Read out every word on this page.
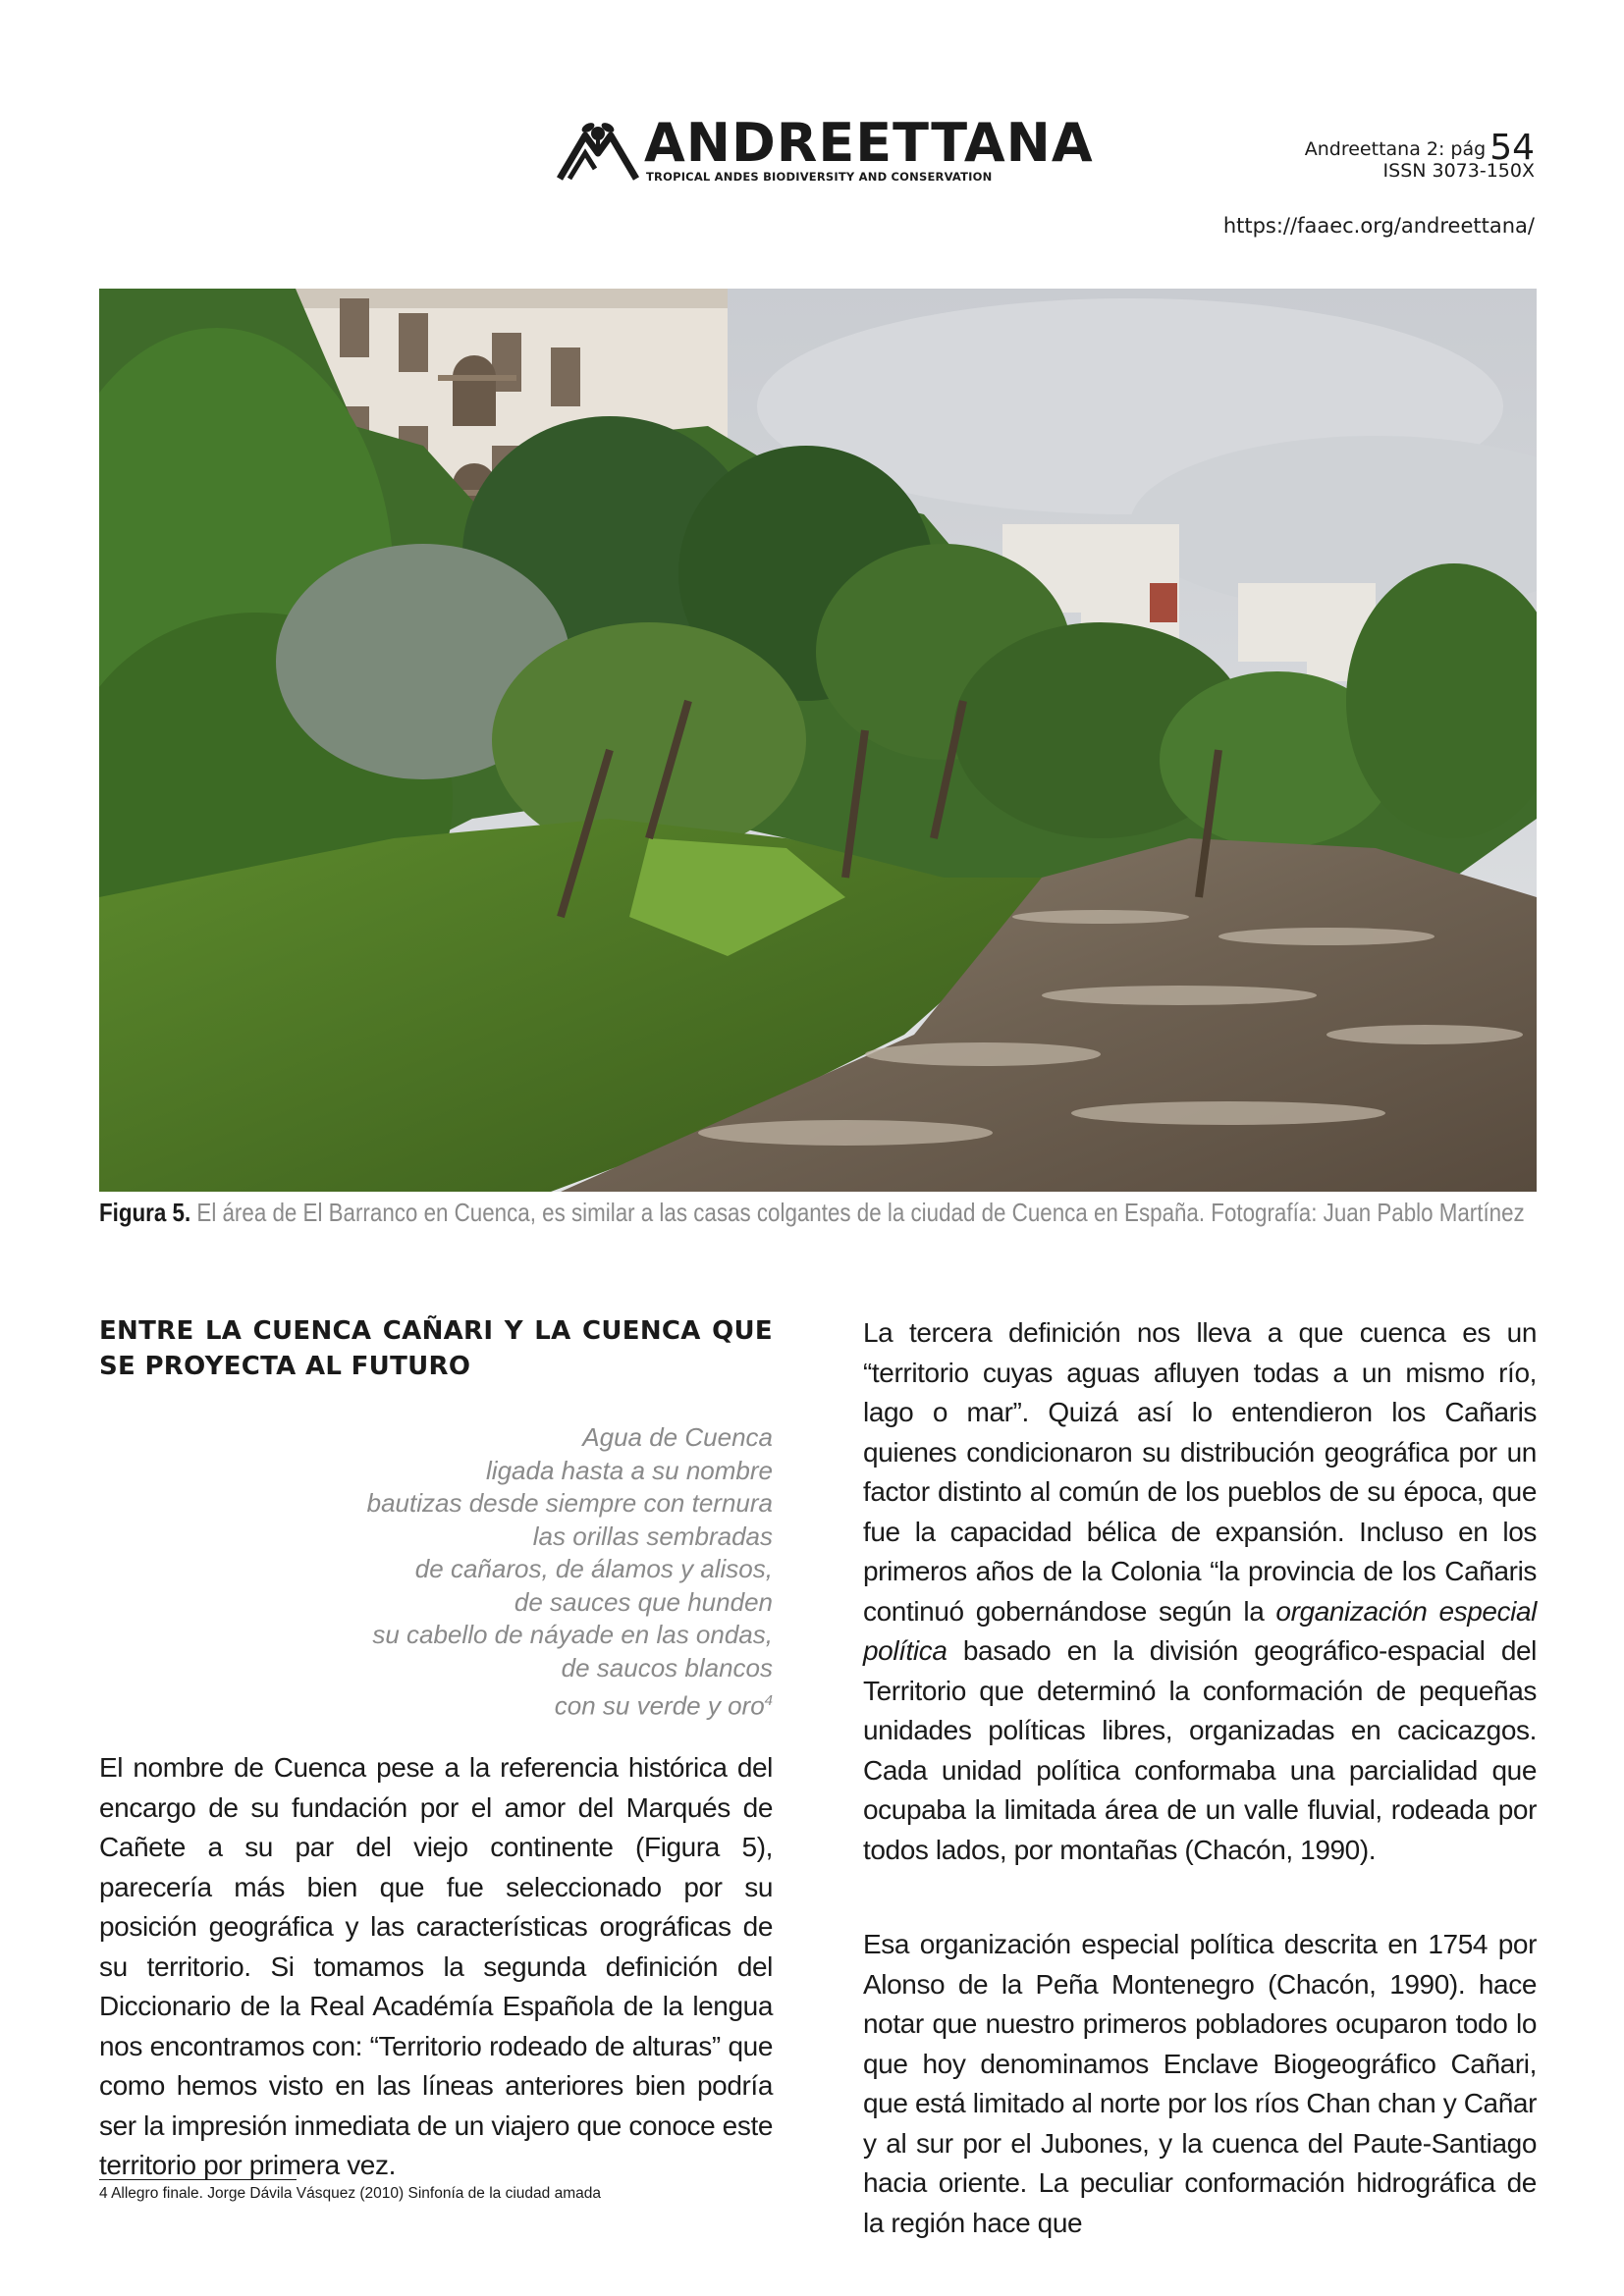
ANDREETTANA
TROPICAL ANDES BIODIVERSITY AND CONSERVATION
Andreettana 2: pág 54
ISSN 3073-150X
https://faaec.org/andreettana/
Figura 5. El área de El Barranco en Cuenca, es similar a las casas colgantes de la ciudad de Cuenca en España. Fotografía: Juan Pablo Martínez
ENTRE LA CUENCA CAÑARI Y LA CUENCA QUE SE PROYECTA AL FUTURO
Agua de Cuenca
ligada hasta a su nombre
bautizas desde siempre con ternura
las orillas sembradas
de cañaros, de álamos y alisos,
de sauces que hunden
su cabello de náyade en las ondas,
de saucos blancos
con su verde y oro$^4$

El nombre de Cuenca pese a la referencia histórica del encargo de su fundación por el amor del Marqués de Cañete a su par del viejo continente (Figura 5), parecería más bien que fue seleccionado por su posición geográfica y las características orográficas de su territorio. Si tomamos la segunda definición del Diccionario de la Real Académía Española de la lengua nos encontramos con: “Territorio rodeado de alturas” que como hemos visto en las líneas anteriores bien podría ser la impresión inmediata de un viajero que conoce este territorio por primera vez.

La tercera definición nos lleva a que cuenca es un “territorio cuyas aguas afluyen todas a un mismo río, lago o mar”. Quizá así lo entendieron los Cañaris quienes condicionaron su distribución geográfica por un factor distinto al común de los pueblos de su época, que fue la capacidad bélica de expansión. Incluso en los primeros años de la Colonia “la provincia de los Cañaris continuó gobernándose según la organización especial política basado en la división geográfico-espacial del Territorio que determinó la conformación de pequeñas unidades políticas libres, organizadas en cacicazgos. Cada unidad política conformaba una parcialidad que ocupaba la limitada área de un valle fluvial, rodeada por todos lados, por montañas (Chacón, 1990).

Esa organización especial política descrita en 1754 por Alonso de la Peña Montenegro (Chacón, 1990). hace notar que nuestro primeros pobladores ocuparon todo lo que hoy denominamos Enclave Biogeográfico Cañari, que está limitado al norte por los ríos Chan chan y Cañar y al sur por el Jubones, y la cuenca del Paute-Santiago hacia oriente. La peculiar conformación hidrográfica de la región hace que

4 Allegro finale. Jorge Dávila Vásquez (2010) Sinfonía de la ciudad amada
